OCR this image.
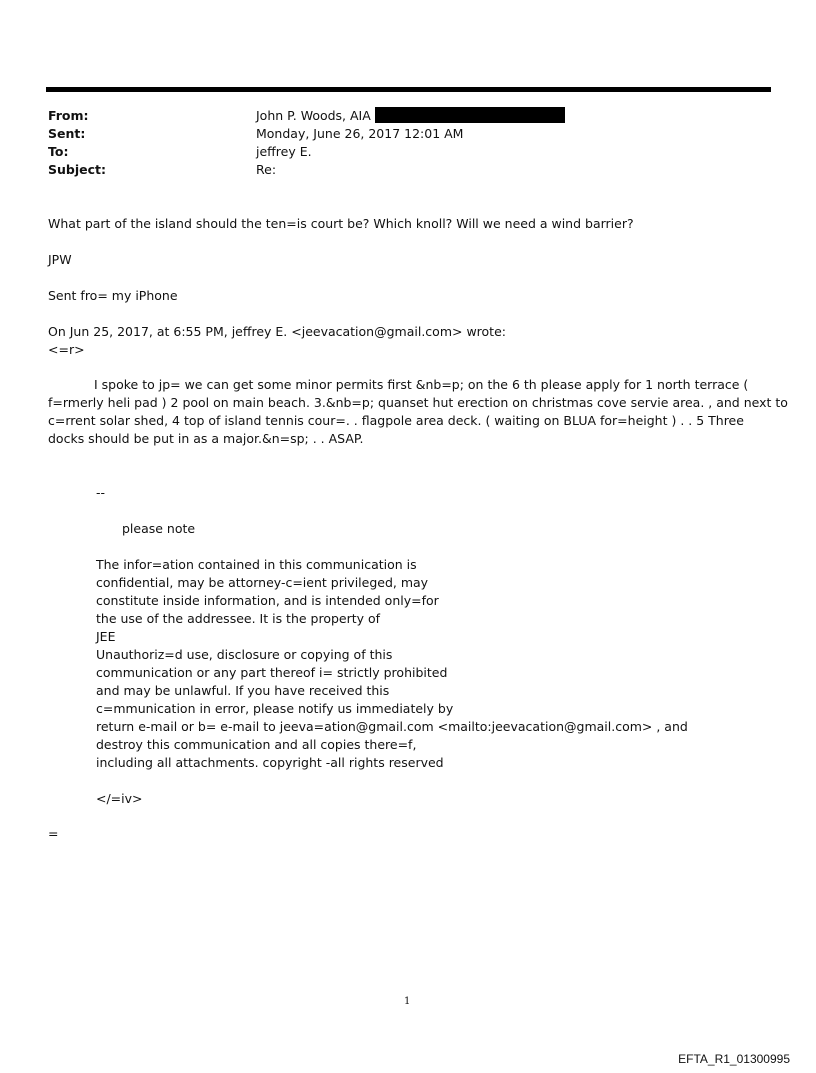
From:	John P. Woods, AIA
Sent:	Monday, June 26, 2017 12:01 AM
To:	jeffrey E.
Subject:	Re:
What part of the island should the ten=is court be? Which knoll? Will we need a wind barrier?
JPW
Sent fro= my iPhone
On Jun 25, 2017, at 6:55 PM, jeffrey E. <jeevacation@gmail.com> wrote:
<=r>
I spoke to jp= we can get some minor permits first &nb=p; on the 6 th please apply for 1 north terrace (
f=rmerly heli pad ) 2 pool on main beach. 3.&nb=p; quanset hut erection on christmas cove servie area. , and next to
c=rrent solar shed, 4 top of island tennis cour=. . flagpole area deck. ( waiting on BLUA for=height ) . . 5 Three
docks should be put in as a major.&n=sp; . . ASAP.
--
please note
The infor=ation contained in this communication is
confidential, may be attorney-c=ient privileged, may
constitute inside information, and is intended only=for
the use of the addressee. It is the property of
JEE
Unauthoriz=d use, disclosure or copying of this
communication or any part thereof i= strictly prohibited
and may be unlawful. If you have received this
c=mmunication in error, please notify us immediately by
return e-mail or b= e-mail to jeeva=ation@gmail.com <mailto:jeevacation@gmail.com> , and
destroy this communication and all copies there=f,
including all attachments. copyright -all rights reserved
</=iv>
=
1
EFTA_R1_01300995
